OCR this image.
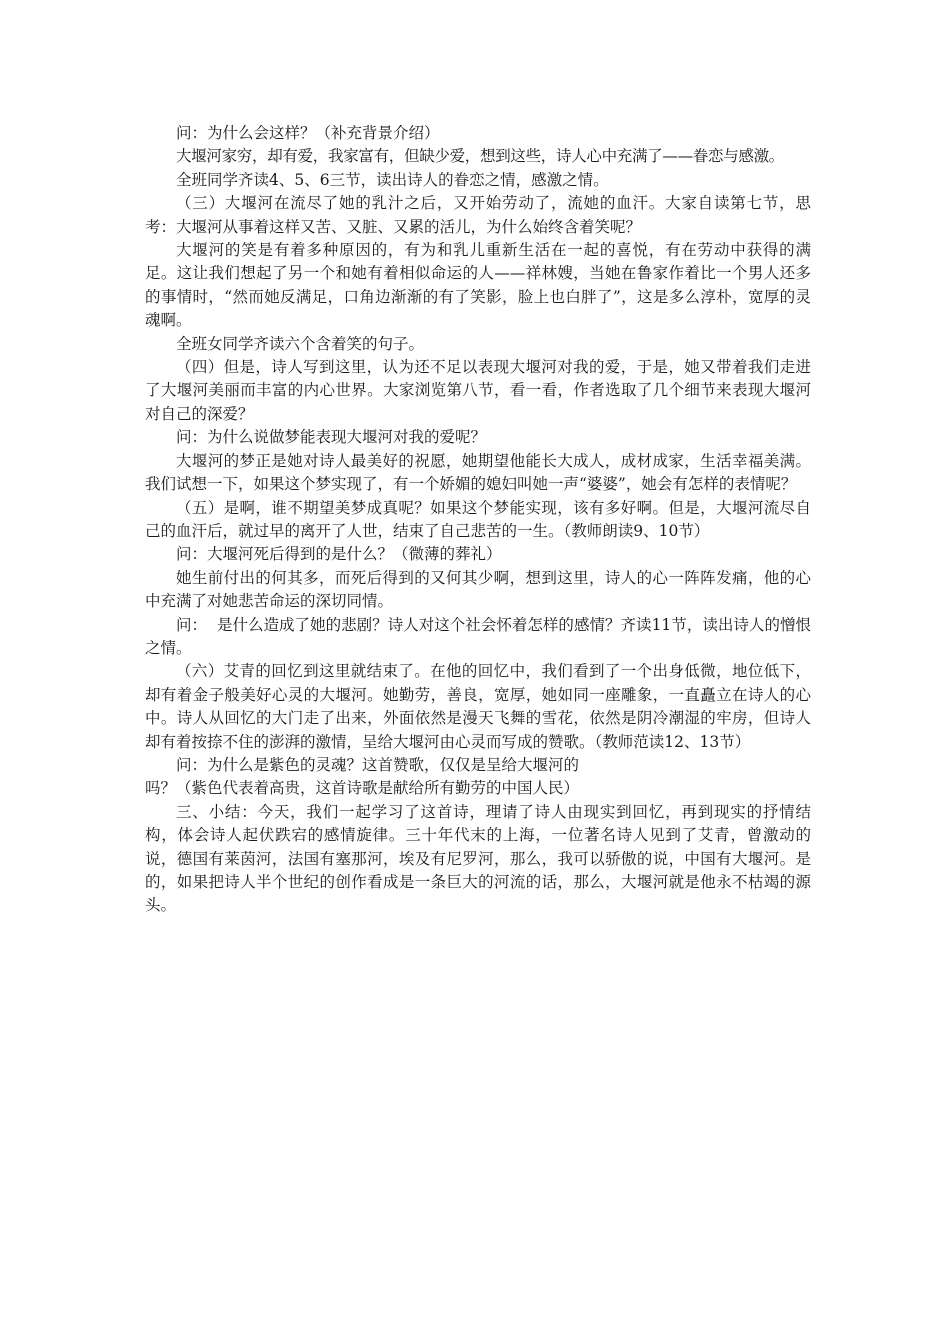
问：为什么会这样？（补充背景介绍）

大堰河家穷，却有爱，我家富有，但缺少爱，想到这些，诗人心中充满了——眷恋与感激。

全班同学齐读4、5、6三节，读出诗人的眷恋之情，感激之情。

（三）大堰河在流尽了她的乳汁之后，又开始劳动了，流她的血汗。大家自读第七节，思考：大堰河从事着这样又苦、又脏、又累的活儿，为什么始终含着笑呢？

大堰河的笑是有着多种原因的，有为和乳儿重新生活在一起的喜悦，有在劳动中获得的满足。这让我们想起了另一个和她有着相似命运的人——祥林嫂，当她在鲁家作着比一个男人还多的事情时，“然而她反满足，口角边渐渐的有了笑影，脸上也白胖了”，这是多么淳朴，宽厚的灵魂啊。

全班女同学齐读六个含着笑的句子。

（四）但是，诗人写到这里，认为还不足以表现大堰河对我的爱，于是，她又带着我们走进了大堰河美丽而丰富的内心世界。大家浏览第八节，看一看，作者选取了几个细节来表现大堰河对自己的深爱？

问：为什么说做梦能表现大堰河对我的爱呢？

大堰河的梦正是她对诗人最美好的祝愿，她期望他能长大成人，成材成家，生活幸福美满。我们试想一下，如果这个梦实现了，有一个娇媚的媳妇叫她一声“婆婆”，她会有怎样的表情呢？

（五）是啊，谁不期望美梦成真呢？如果这个梦能实现，该有多好啊。但是，大堰河流尽自己的血汗后，就过早的离开了人世，结束了自己悲苦的一生。（教师朗读9、10节）

问：大堰河死后得到的是什么？（微薄的葬礼）

她生前付出的何其多，而死后得到的又何其少啊，想到这里，诗人的心一阵阵发痛，他的心中充满了对她悲苦命运的深切同情。

问：  是什么造成了她的悲剧？诗人对这个社会怀着怎样的感情？齐读11节，读出诗人的憎恨之情。

（六）艾青的回忆到这里就结束了。在他的回忆中，我们看到了一个出身低微，地位低下，却有着金子般美好心灵的大堰河。她勤劳，善良，宽厚，她如同一座雕象，一直矗立在诗人的心中。诗人从回忆的大门走了出来，外面依然是漫天飞舞的雪花，依然是阴冷潮湿的牢房，但诗人却有着按捺不住的澎湃的激情，呈给大堰河由心灵而写成的赞歌。（教师范读12、13节）

问：为什么是紫色的灵魂？这首赞歌，仅仅是呈给大堰河的

吗？（紫色代表着高贵，这首诗歌是献给所有勤劳的中国人民）

三、小结：今天，我们一起学习了这首诗，理请了诗人由现实到回忆，再到现实的抒情结构，体会诗人起伏跌宕的感情旋律。三十年代末的上海，一位著名诗人见到了艾青，曾激动的说，德国有莱茵河，法国有塞那河，埃及有尼罗河，那么，我可以骄傲的说，中国有大堰河。是的，如果把诗人半个世纪的创作看成是一条巨大的河流的话，那么，大堰河就是他永不枯竭的源头。
